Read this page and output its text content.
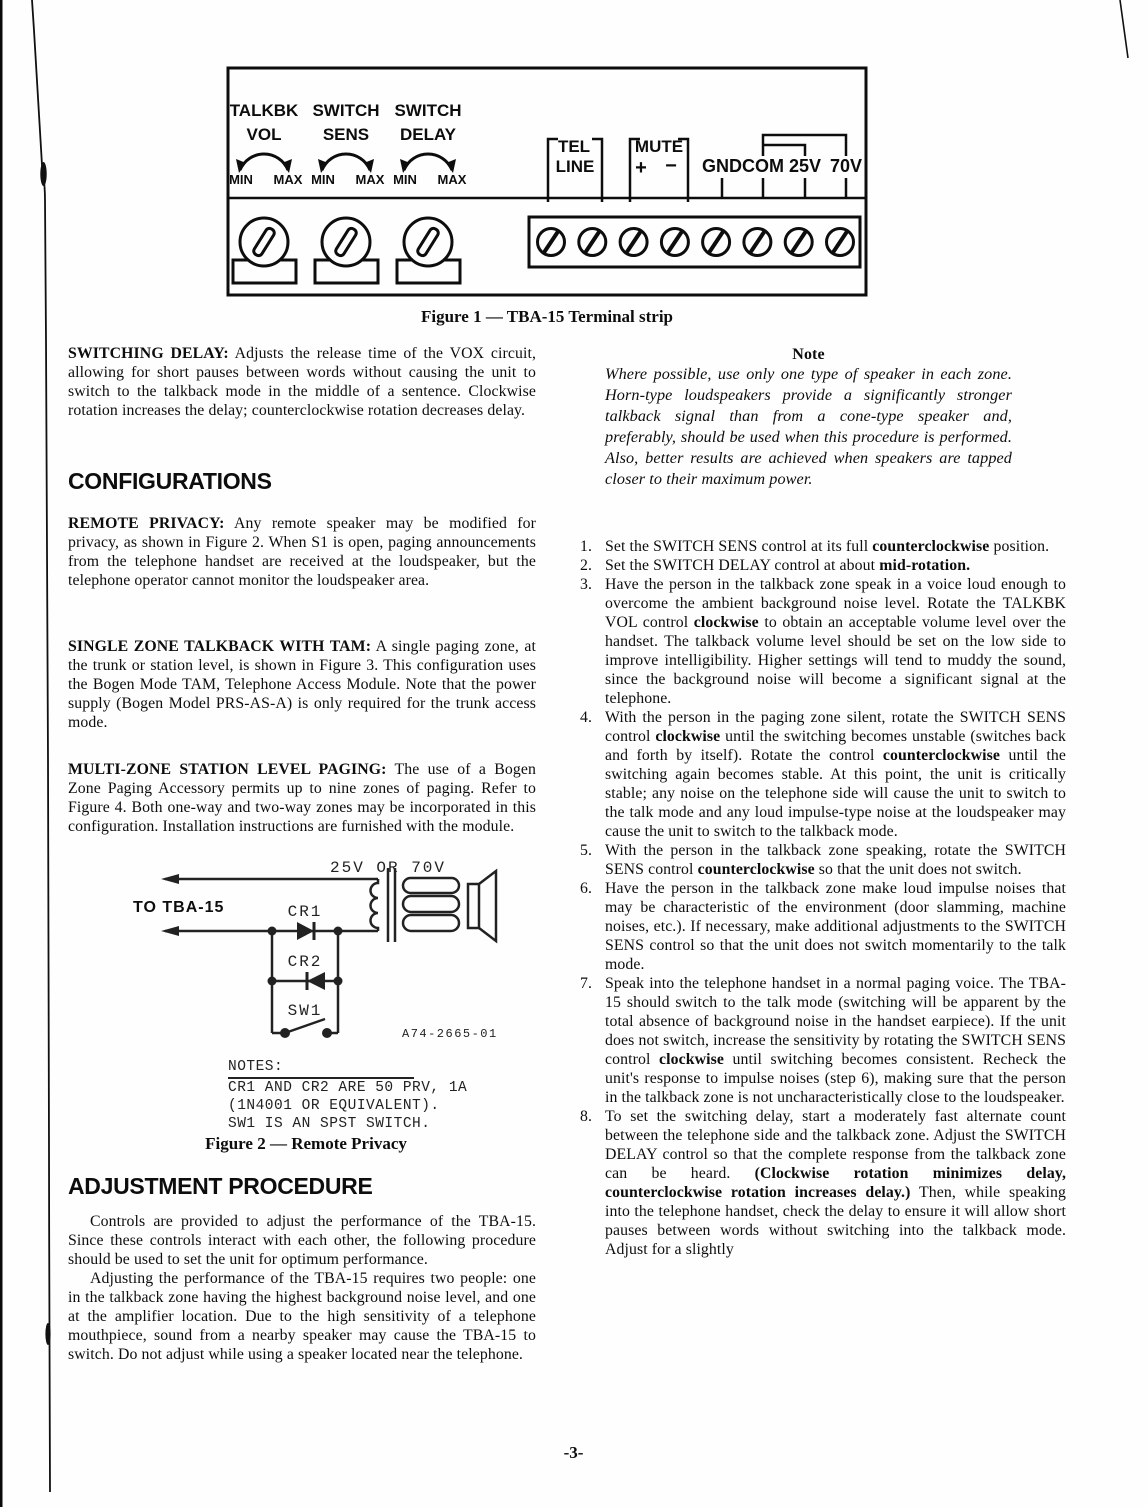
TALKBK
VOL
MIN MAX
SWITCH
SENS
MIN MAX
SWITCH
DELAY
MIN MAX
TEL
LINE
MUTE
+ − GND COM 25V 70V
Figure 1 — TBA-15 Terminal strip
SWITCHING DELAY: Adjusts the release time of the VOX circuit, allowing for short pauses between words without causing the unit to switch to the talkback mode in the middle of a sentence. Clockwise rotation increases the delay; counterclockwise rotation decreases delay.
CONFIGURATIONS
REMOTE PRIVACY: Any remote speaker may be modified for privacy, as shown in Figure 2. When S1 is open, paging announcements from the telephone handset are received at the loudspeaker, but the telephone operator cannot monitor the loudspeaker area.
SINGLE ZONE TALKBACK WITH TAM: A single paging zone, at the trunk or station level, is shown in Figure 3. This configuration uses the Bogen Mode TAM, Telephone Access Module. Note that the power supply (Bogen Model PRS-AS-A) is only required for the trunk access mode.
MULTI-ZONE STATION LEVEL PAGING: The use of a Bogen Zone Paging Accessory permits up to nine zones of paging. Refer to Figure 4. Both one-way and two-way zones may be incorporated in this configuration. Installation instructions are furnished with the module.
25V OR 70V
TO TBA-15	CR1
CR2
SW1
A74-2665-01
NOTES:
CR1 AND CR2 ARE 50 PRV, 1A
(1N4001 OR EQUIVALENT).
SW1 IS AN SPST SWITCH.
Figure 2 — Remote Privacy
ADJUSTMENT PROCEDURE
Controls are provided to adjust the performance of the TBA-15. Since these controls interact with each other, the following procedure should be used to set the unit for optimum performance.
Adjusting the performance of the TBA-15 requires two people: one in the talkback zone having the highest background noise level, and one at the amplifier location. Due to the high sensitivity of a telephone mouthpiece, sound from a nearby speaker may cause the TBA-15 to switch. Do not adjust while using a speaker located near the telephone.
Note
Where possible, use only one type of speaker in each zone. Horn-type loudspeakers provide a significantly stronger talkback signal than from a cone-type speaker and, preferably, should be used when this procedure is performed. Also, better results are achieved when speakers are tapped closer to their maximum power.
1. Set the SWITCH SENS control at its full counterclockwise position.
2. Set the SWITCH DELAY control at about mid-rotation.
3. Have the person in the talkback zone speak in a voice loud enough to overcome the ambient background noise level. Rotate the TALKBK VOL control clockwise to obtain an acceptable volume level over the handset. The talkback volume level should be set on the low side to improve intelligibility. Higher settings will tend to muddy the sound, since the background noise will become a significant signal at the telephone.
4. With the person in the paging zone silent, rotate the SWITCH SENS control clockwise until the switching becomes unstable (switches back and forth by itself). Rotate the control counterclockwise until the switching again becomes stable. At this point, the unit is critically stable; any noise on the telephone side will cause the unit to switch to the talk mode and any loud impulse-type noise at the loudspeaker may cause the unit to switch to the talkback mode.
5. With the person in the talkback zone speaking, rotate the SWITCH SENS control counterclockwise so that the unit does not switch.
6. Have the person in the talkback zone make loud impulse noises that may be characteristic of the environment (door slamming, machine noises, etc.). If necessary, make additional adjustments to the SWITCH SENS control so that the unit does not switch momentarily to the talk mode.
7. Speak into the telephone handset in a normal paging voice. The TBA-15 should switch to the talk mode (switching will be apparent by the total absence of background noise in the handset earpiece). If the unit does not switch, increase the sensitivity by rotating the SWITCH SENS control clockwise until switching becomes consistent. Recheck the unit's response to impulse noises (step 6), making sure that the person in the talkback zone is not uncharacteristically close to the loudspeaker.
8. To set the switching delay, start a moderately fast alternate count between the telephone side and the talkback zone. Adjust the SWITCH DELAY control so that the complete response from the talkback zone can be heard. (Clockwise rotation minimizes delay, counterclockwise rotation increases delay.) Then, while speaking into the telephone handset, check the delay to ensure it will allow short pauses between words without switching into the talkback mode. Adjust for a slightly
-3-
